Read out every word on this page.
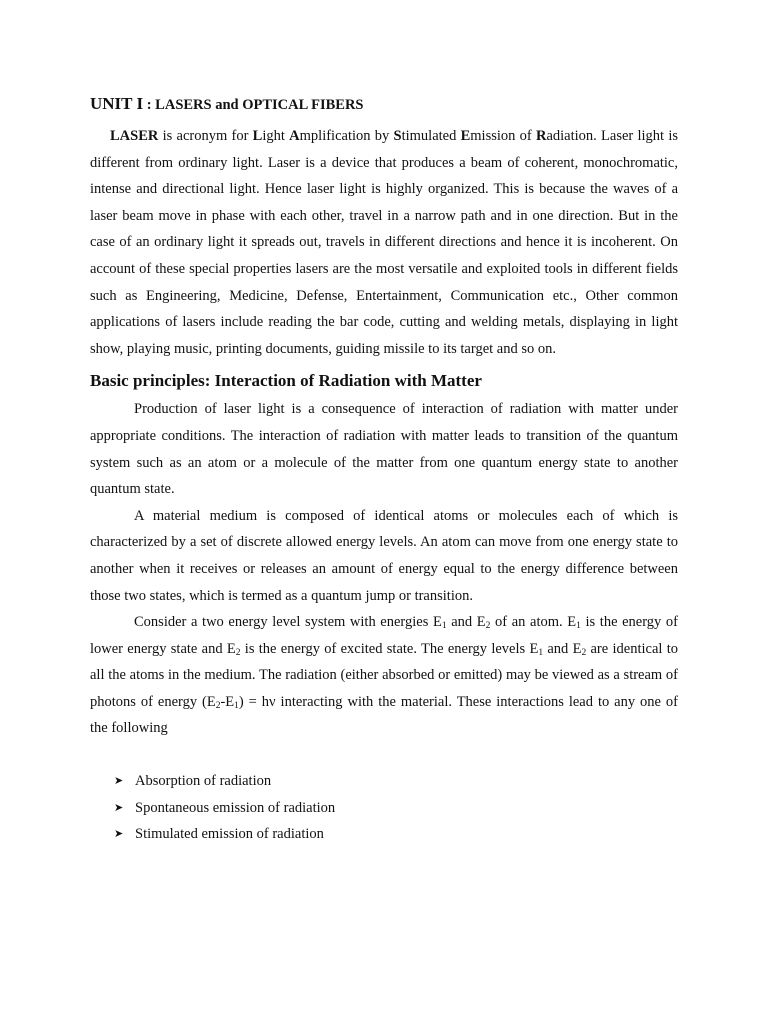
UNIT I : LASERS and OPTICAL FIBERS

LASER is acronym for Light Amplification by Stimulated Emission of Radiation. Laser light is different from ordinary light. Laser is a device that produces a beam of coherent, monochromatic, intense and directional light. Hence laser light is highly organized. This is because the waves of a laser beam move in phase with each other, travel in a narrow path and in one direction. But in the case of an ordinary light it spreads out, travels in different directions and hence it is incoherent. On account of these special properties lasers are the most versatile and exploited tools in different fields such as Engineering, Medicine, Defense, Entertainment, Communication etc., Other common applications of lasers include reading the bar code, cutting and welding metals, displaying in light show, playing music, printing documents, guiding missile to its target and so on.

Basic principles: Interaction of Radiation with Matter

Production of laser light is a consequence of interaction of radiation with matter under appropriate conditions. The interaction of radiation with matter leads to transition of the quantum system such as an atom or a molecule of the matter from one quantum energy state to another quantum state.

A material medium is composed of identical atoms or molecules each of which is characterized by a set of discrete allowed energy levels. An atom can move from one energy state to another when it receives or releases an amount of energy equal to the energy difference between those two states, which is termed as a quantum jump or transition.

Consider a two energy level system with energies $E_1$ and $E_2$ of an atom. $E_1$ is the energy of lower energy state and $E_2$ is the energy of excited state. The energy levels $E_1$ and $E_2$ are identical to all the atoms in the medium. The radiation (either absorbed or emitted) may be viewed as a stream of photons of energy $(E_2-E_1) = h\nu$ interacting with the material. These interactions lead to any one of the following

➤ Absorption of radiation
➤ Spontaneous emission of radiation
➤ Stimulated emission of radiation
